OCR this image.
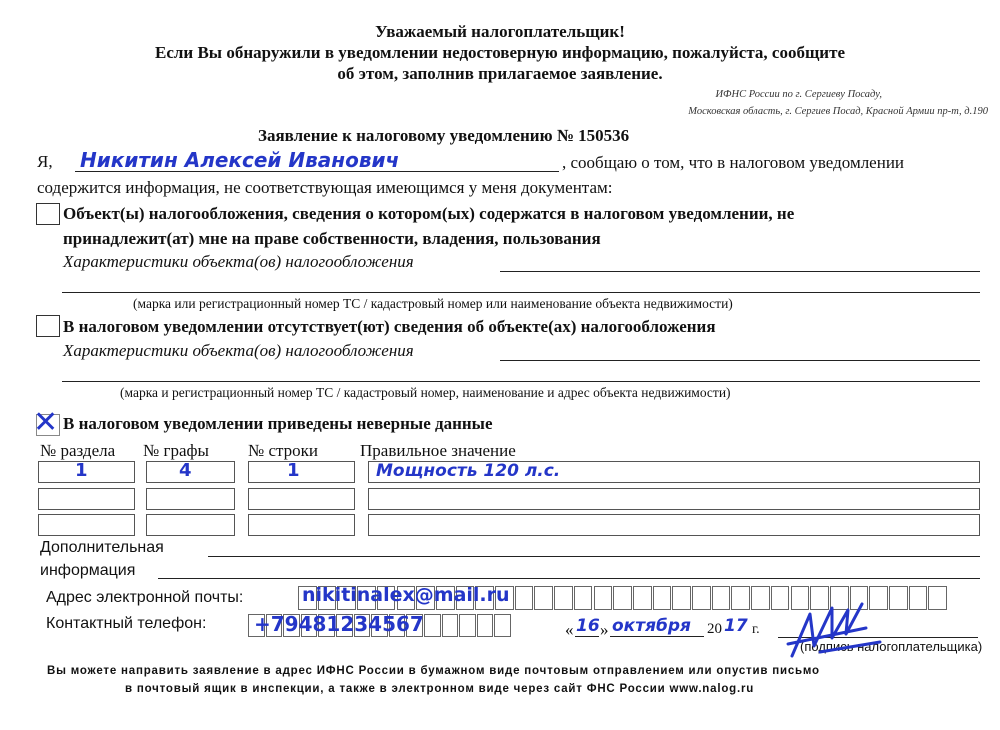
Уважаемый налогоплательщик!
Если Вы обнаружили в уведомлении недостоверную информацию, пожалуйста, сообщите
об этом, заполнив прилагаемое заявление.
ИФНС России по г. Сергиеву Посаду,
Московская область, г. Сергиев Посад, Красной Армии пр-т, д.190
Заявление к налоговому уведомлению № 150536
Я, Никитин Алексей Иванович	, сообщаю о том, что в налоговом уведомлении
содержится информация, не соответствующая имеющимся у меня документам:
Объект(ы) налогообложения, сведения о котором(ых) содержатся в налоговом уведомлении, не
принадлежит(ат) мне на праве собственности, владения, пользования
Характеристики объекта(ов) налогообложения
(марка или регистрационный номер ТС / кадастровый номер или наименование объекта недвижимости)
В налоговом уведомлении отсутствует(ют) сведения об объекте(ах) налогообложения
Характеристики объекта(ов) налогообложения
(марка и регистрационный номер ТС / кадастровый номер, наименование и адрес объекта недвижимости)
✕ В налоговом уведомлении приведены неверные данные
№ раздела № графы № строки Правильное значение
1	4	1	Мощность 120 л.с.
Дополнительная
информация
Адрес электронной почты:	nikitinalex@mail.ru
Контактный телефон: +79481234567	« 16 » октября 20 17 г.
(подпись налогоплательщика)
Вы можете направить заявление в адрес ИФНС России в бумажном виде почтовым отправлением или опустив письмо
в почтовый ящик в инспекции, а также в электронном виде через сайт ФНС России www.nalog.ru
